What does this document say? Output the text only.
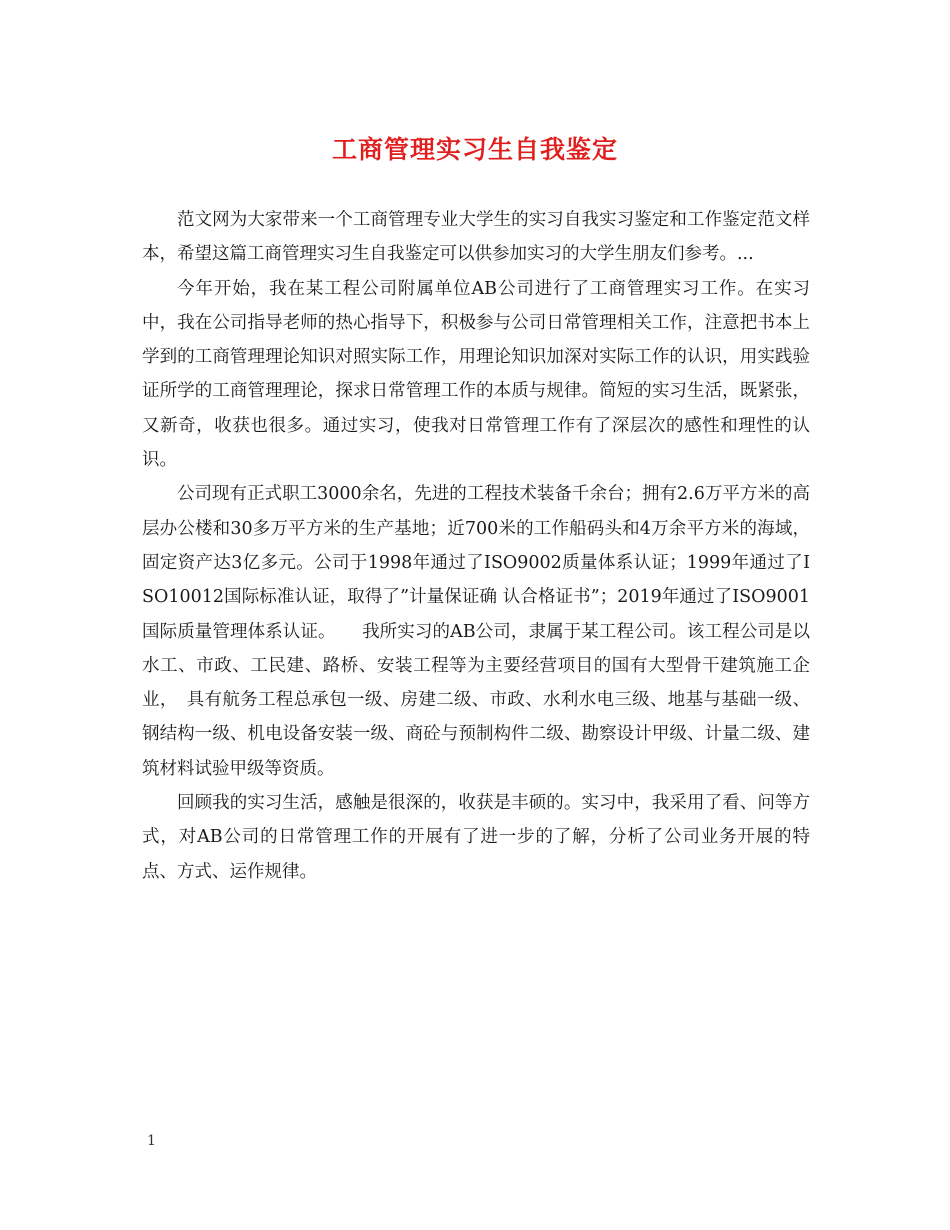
工商管理实习生自我鉴定

范文网为大家带来一个工商管理专业大学生的实习自我实习鉴定和工作鉴定范文样本，希望这篇工商管理实习生自我鉴定可以供参加实习的大学生朋友们参考。...

今年开始，我在某工程公司附属单位AB公司进行了工商管理实习工作。在实习中，我在公司指导老师的热心指导下，积极参与公司日常管理相关工作，注意把书本上学到的工商管理理论知识对照实际工作，用理论知识加深对实际工作的认识，用实践验证所学的工商管理理论，探求日常管理工作的本质与规律。简短的实习生活，既紧张，又新奇，收获也很多。通过实习，使我对日常管理工作有了深层次的感性和理性的认识。

公司现有正式职工3000余名，先进的工程技术装备千余台；拥有2.6万平方米的高层办公楼和30多万平方米的生产基地；近700米的工作船码头和4万余平方米的海域，固定资产达3亿多元。公司于1998年通过了ISO9002质量体系认证；1999年通过了ISO10012国际标准认证，取得了”计量保证确 认合格证书”；2019年通过了ISO9001国际质量管理体系认证。　　我所实习的AB公司，隶属于某工程公司。该工程公司是以水工、市政、工民建、路桥、安装工程等为主要经营项目的国有大型骨干建筑施工企业，　具有航务工程总承包一级、房建二级、市政、水利水电三级、地基与基础一级、钢结构一级、机电设备安装一级、商砼与预制构件二级、勘察设计甲级、计量二级、建筑材料试验甲级等资质。

回顾我的实习生活，感触是很深的，收获是丰硕的。实习中，我采用了看、问等方式，对AB公司的日常管理工作的开展有了进一步的了解，分析了公司业务开展的特点、方式、运作规律。

1
